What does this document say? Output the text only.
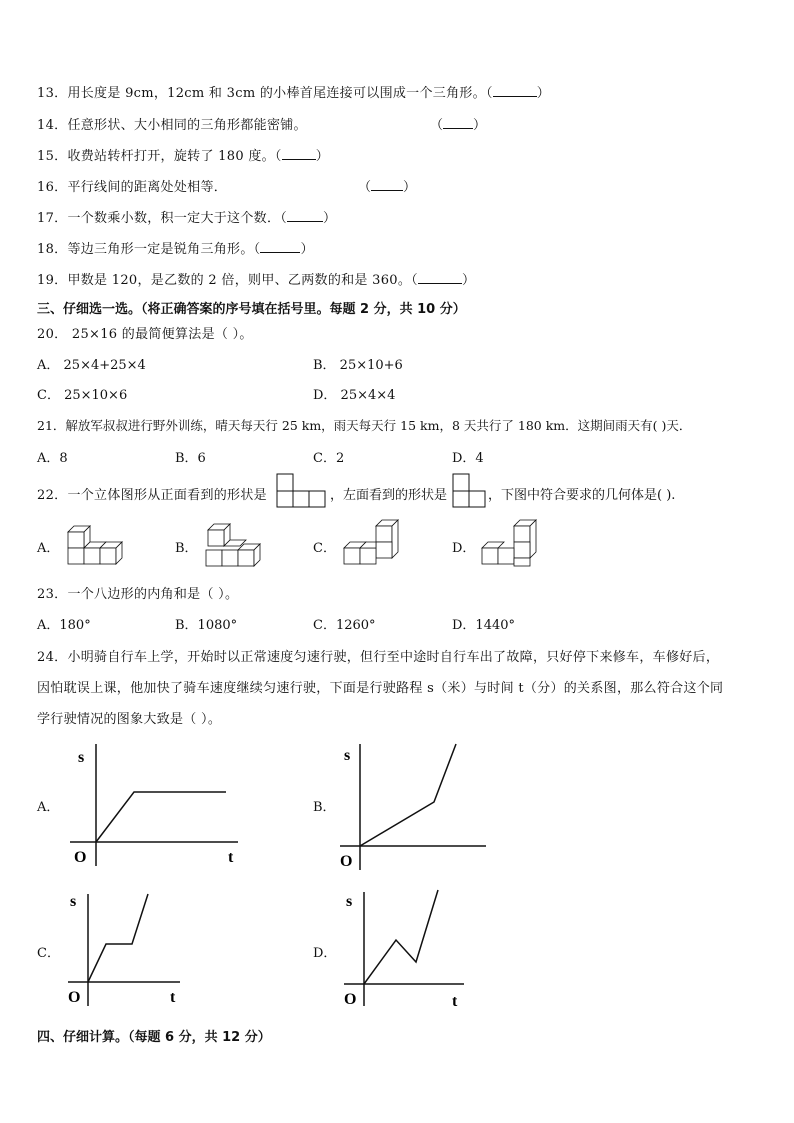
13．用长度是 9cm，12cm 和 3cm 的小棒首尾连接可以围成一个三角形。（	）
14．任意形状、大小相同的三角形都能密铺。	（ ）
15．收费站转杆打开，旋转了 180 度。（	）
16．平行线间的距离处处相等．	（ ）
17．一个数乘小数，积一定大于这个数．（	）
18．等边三角形一定是锐角三角形。（	）
19．甲数是 120，是乙数的 2 倍，则甲、乙两数的和是 360。（	）
三、仔细选一选。（将正确答案的序号填在括号里。每题 2 分，共 10 分）
20． 25×16 的最简便算法是（ ）。
A． 25×4+25×4	B． 25×10+6
C． 25×10×6	D． 25×4×4
21．解放军叔叔进行野外训练，晴天每天行 25 km，雨天每天行 15 km，8 天共行了 180 km．这期间雨天有( )天．
A．8	B．6	C．2	D．4
22．一个立体图形从正面看到的形状是	，左面看到的形状是	，下图中符合要求的几何体是( ).
A．	B．	C．	D．
23．一个八边形的内角和是（ ）。
A．180°	B．1080°	C．1260°	D．1440°
24．小明骑自行车上学，开始时以正常速度匀速行驶，但行至中途时自行车出了故障，只好停下来修车，车修好后，
因怕耽误上课，他加快了骑车速度继续匀速行驶，下面是行驶路程 s（米）与时间 t（分）的关系图，那么符合这个同
学行驶情况的图象大致是（ ）。
A．
s
t
O
B．
s
O
C．
s
t
O
D．
s
t
O
四、仔细计算。（每题 6 分，共 12 分）
